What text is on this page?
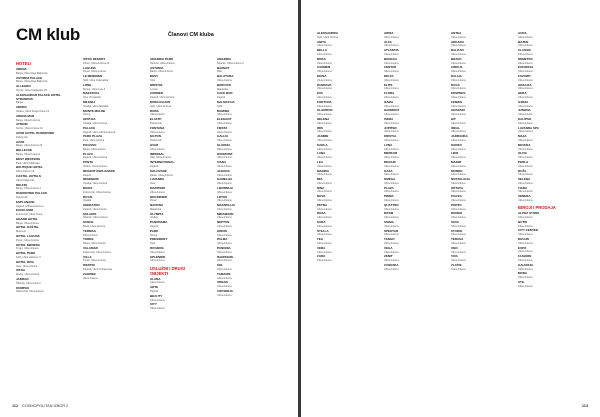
CM klub	Članovi CM kluba

HOTELI
ARENA
Banja, Ulica Aleje Bajlonića
ASTORIA PALACE
Banja, Ulica Aleje Bajlonića
ALLEGRO
Kornic, Ulica Kraljevske 32
ALEKSANDAR PALACE HOTEL STRANDOS
Banja
ANDRA
Vodice, Ulica Drage Pave 14
ARENA MAR
Banja, Ulica Kolenca
ATRIUM
Kornic, Ulica Antona 13
AZUR HOTEL DUBROVNIK
Dubrovnik
AZUR
Banja, Ulica Antona 22
BELLEVUE
Banja, Ulica Kolenca
BEST WESTERN
Pula, Ulica Slatinske
BOUTIQUE HOTEL
Ulica Antona 13
CASTEL HOTELS
Ulica Kraljevske
DELFIN
Banja, Ulica Antona 4
DUBROVNIK PALACE
Dubrovnik
ESPLANADE
Zagreb, Mihanovićeva 1
EXCELSIOR
Dubrovnik, Ulica Frana
GRAND HOTEL
Banja, Ulica Antona
HOTEL KAŠTEL
Motovun
HOTEL LAGUNA
Poreč, Ulica Antona
HOTEL MEDENA
Trogir, Ulica Antona
HOTEL PARK
Split, Ulica Hatzeov 3
HOTEL RIVA
Hvar, Ulica Antona
ISTRA
Rovinj, Ulica Antona
JADRAN
Šibenik, Ulica Antona
KOMPAS
Dubrovnik, Ulica Antona
ISTRA RESORT
Poreč, Ulica Antona 22
LAGUNA
Poreč, Ulica Antona
LE MERIDIEN
Split, Ulica Grljevačka
LONE
Rovinj, Ulica Luje 3
MAESTRAL
Novi Vinodolski
MILENIJ
Opatija, Ulica Maršala
MONTE MULINI
Rovinj
OPATIJA
Opatija, Ulica Antona
PALACE
Zagreb, Ulica Strossmayera
PARK PLAZA
Pula, Ulica Antona
PICASSO
Banja, Ulica Antona
PLAZA
Zagreb, Ulica Antona
PUNTA
Vodice, Ulica Antona
REGENT ESPLANADE
Zagreb
REMISENS
Opatija, Ulica Antona
RIXOS
Dubrovnik, Ulica Antona
ROYAL
Opatija
SHERATON
Zagreb, Ulica Kneza
SOLARIS
Šibenik, Ulica Antona
SUNCE
Brela, Ulica Antona
TERMAG
Ulica Antona
TORRE
Banja, Ulica Antona
VALAMAR
Dubrovnik, Ulica Antona
VILLA
Poreč, Ulica Antona
WESTIN
Zagreb, Ulica Kršnjavoga
ZAGREB
Ulica Antona
AMADRIA PARK
Šibenik, Ulica Antona
ASTORIA
Banja, Ulica Antona
BEST
Split
BRISTOL
Lovran
CORNER
Zagreb, Ulica Antona
DIOKLECIJAN
Split, Ulica Antona
DORA
Ulica Antona
ELAFITI
Dubrovnik
FONTANA
Ulica Antona
HILTON
Dubrovnik
HVAR
Ulica Antona
IMPERIAL
Rab, Ulica Antona
INTERNATIONAL
Zagreb
KOLOVARE
Zadar, Ulica Antona
LAVANDA
Hvar
MARITIMO
Ulica Antona
MOLINDRIO
Poreč
NARONA
Makarska
OLYMPIA
Vodice
PANORAMA
Zagreb
PARK
Rovinj
PRESIDENT
Split
RIVIJERA
Ulica Antona
SPLENDID
Ulica Antona
USLUŽNI I DRUGI OBJEKTI
ALANA
Ulica Antona
ARTE
Zagreb
BEAUTY
Ulica Antona
CITY
Ulica Antona
AMADRIA
Šibenik, Ulica Antona 3
BARBAT
Rab
BALATURA
Ulica Antona
BIOKOVO
Makarska
CAFE BAR
Zagreb
DALMACIJA
Split
DOMINO
Ulica Antona
ELEGANT
Ulica Antona
FIESTA
Ulica Antona
GALIJA
Ulica Antona
GLORIJA
Ulica Antona
HORIZONT
Ulica Antona
IVANA
Ulica Antona
JAGODA
Ulica Antona
KAMELIJA
Ulica Antona
LIBURNIJA
Ulica Antona
LOTOS
Ulica Antona
MAGNOLIJA
Ulica Antona
MIRAMARE
Ulica Antona
NEPTUN
Ulica Antona
ORION
Ulica Antona
PALMA
Ulica Antona
PANONIA
Ulica Antona
RADISSON
Ulica Antona
SOL
Ulica Antona
TAMARIS
Ulica Antona
URBAN
Ulica Antona
VIKTORIJA
Ulica Antona

112 COSMOPOLITAN IZBOR 2

ALEKSANDRA
Split, Ulica Antona
ANITA
Ulica Antona
BELLA
Ulica Antona
BOKA
Ulica Antona
CARMEN
Ulica Antona
DIANA
Ulica Antona
DUBRAVA
Ulica Antona
EVA
Ulica Antona
FORTUNA
Ulica Antona
GLAMOUR
Ulica Antona
HELENA
Ulica Antona
IRIS
Ulica Antona
JASMIN
Ulica Antona
KARLA
Ulica Antona
LANA
Ulica Antona
LEA
Ulica Antona
MARINA
Ulica Antona
MIA
Ulica Antona
NINA
Ulica Antona
NOVA
Ulica Antona
PETRA
Ulica Antona
ROSA
Ulica Antona
SARA
Ulica Antona
STELLA
Ulica Antona
TEA
Ulica Antona
VERA
Ulica Antona
ZARA
Ulica Antona
ADRIA
Ulica Antona
ALFA
Ulica Antona
ATLANTIS
Ulica Antona
BONACA
Ulica Antona
CENTAR
Ulica Antona
DELTA
Ulica Antona
ELITE
Ulica Antona
FLORA
Ulica Antona
GAMA
Ulica Antona
HARMONY
Ulica Antona
ISKRA
Ulica Antona
JUPITER
Ulica Antona
KRISTAL
Ulica Antona
LUNA
Ulica Antona
MERKUR
Ulica Antona
MOZAIK
Ulica Antona
OAZA
Ulica Antona
OMEGA
Ulica Antona
PLAVA
Ulica Antona
PRIMA
Ulica Antona
QUATTRO
Ulica Antona
RITAM
Ulica Antona
SIGMA
Ulica Antona
SPEKTAR
Ulica Antona
TANGO
Ulica Antona
VEGA
Ulica Antona
ZENIT
Ulica Antona
ZVIJEZDA
Ulica Antona
ANTEA
Ulica Antona
ARKADA
Ulica Antona
BALKAN
Ulica Antona
BRAVO
Ulica Antona
CIRKUS
Ulica Antona
DALIJA
Ulica Antona
DUGA
Ulica Antona
EKSPRES
Ulica Antona
FENIKS
Ulica Antona
GRADSKI
Ulica Antona
HIT
Ulica Antona
IDEAL
Ulica Antona
JADRANKA
Ulica Antona
KORZO
Ulica Antona
LIDO
Ulica Antona
MAXIM
Ulica Antona
MONDO
Ulica Antona
NOSTALGIJA
Ulica Antona
OKTAVA
Ulica Antona
PIAZZA
Ulica Antona
PORTO
Ulica Antona
RONDO
Ulica Antona
SAVA
Ulica Antona
STUDIO
Ulica Antona
TERASA
Ulica Antona
UNO
Ulica Antona
VIVA
Ulica Antona
ZLATNI
Ulica Antona
AURA
Ulica Antona
BAZEN
Ulica Antona
CLASSIC
Ulica Antona
DEMETRA
Ulica Antona
EUFORIJA
Ulica Antona
FAVORIT
Ulica Antona
GRACIJA
Ulica Antona
HERA
Ulica Antona
ILIRIJA
Ulica Antona
JUNONA
Ulica Antona
KALIPSO
Ulica Antona
LAVANDA SPA
Ulica Antona
MAJA
Ulica Antona
NEVENA
Ulica Antona
OLIVA
Ulica Antona
PERLA
Ulica Antona
RUŽA
Ulica Antona
SELENA
Ulica Antona
TIARA
Ulica Antona
VENERA
Ulica Antona
BIROJI I PRODAJA
ALPHA STORE
Ulica Antona
BUTIK
Ulica Antona
CITY CENTER
Ulica Antona
DIZAJN
Ulica Antona
EXPO
Ulica Antona
FASHION
Ulica Antona
GALERIJA
Ulica Antona
MODA
Ulica Antona
STIL
Ulica Antona

113
